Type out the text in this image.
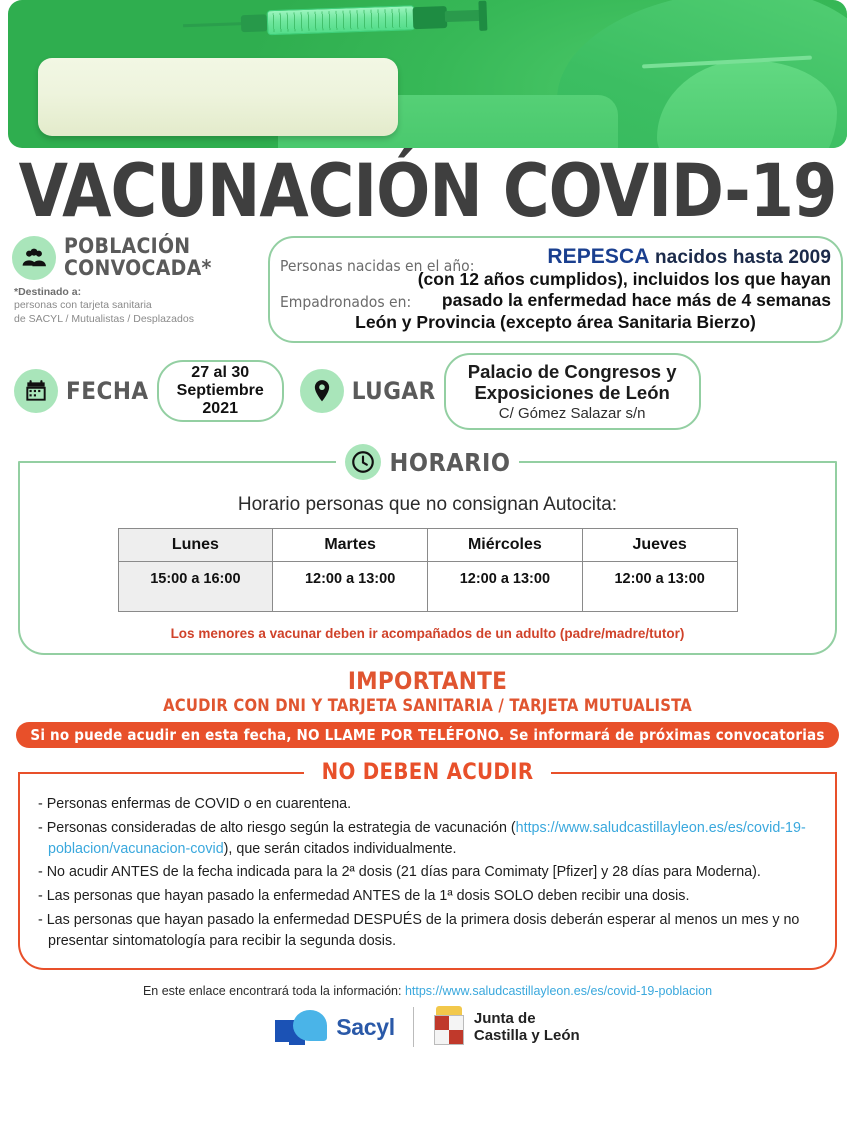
VACUNACIÓN COVID-19
POBLACIÓN
CONVOCADA*
*Destinado a:
personas con tarjeta sanitaria
de SACYL / Mutualistas / Desplazados
Personas nacidas en el año:
Empadronados en:
REPESCA nacidos hasta 2009
(con 12 años cumplidos), incluidos los que hayan
pasado la enfermedad hace más de 4 semanas
León y Provincia (excepto área Sanitaria Bierzo)
FECHA
27 al 30
Septiembre
2021
LUGAR
Palacio de Congresos y
Exposiciones de León
C/ Gómez Salazar s/n
HORARIO
Horario personas que no consignan Autocita:
Lunes	Martes	Miércoles	Jueves
15:00 a 16:00	12:00 a 13:00	12:00 a 13:00	12:00 a 13:00
Los menores a vacunar deben ir acompañados de un adulto (padre/madre/tutor)
IMPORTANTE
ACUDIR CON DNI Y TARJETA SANITARIA / TARJETA MUTUALISTA
Si no puede acudir en esta fecha, NO LLAME POR TELÉFONO. Se informará de próximas convocatorias
NO DEBEN ACUDIR
- Personas enfermas de COVID o en cuarentena.
- Personas consideradas de alto riesgo según la estrategia de vacunación (https://www.saludcastillayleon.es/es/covid-19-poblacion/vacunacion-covid), que serán citados individualmente.
- No acudir ANTES de la fecha indicada para la 2ª dosis (21 días para Comimaty [Pfizer] y 28 días para Moderna).
- Las personas que hayan pasado la enfermedad ANTES de la 1ª dosis SOLO deben recibir una dosis.
- Las personas que hayan pasado la enfermedad DESPUÉS de la primera dosis deberán esperar al menos un mes y no presentar sintomatología para recibir la segunda dosis.
En este enlace encontrará toda la información: https://www.saludcastillayleon.es/es/covid-19-poblacion
Sacyl	Junta de
Castilla y León
